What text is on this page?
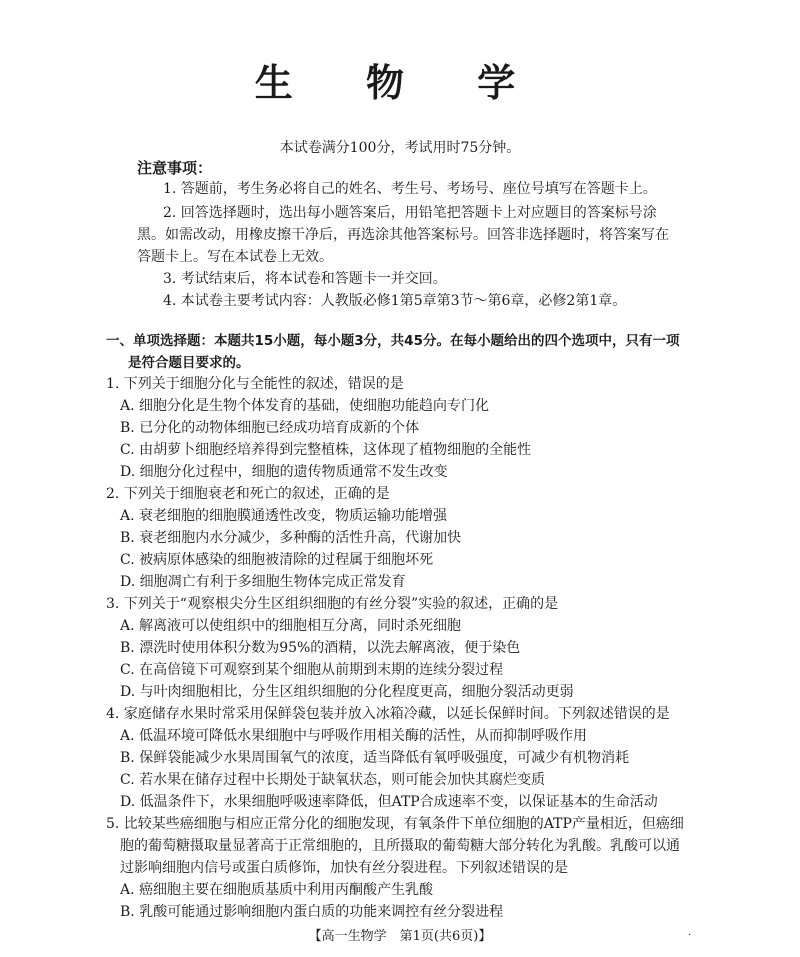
生 物 学
本试卷满分100分，考试用时75分钟。
注意事项：
1. 答题前，考生务必将自己的姓名、考生号、考场号、座位号填写在答题卡上。
2. 回答选择题时，选出每小题答案后，用铅笔把答题卡上对应题目的答案标号涂
黑。如需改动，用橡皮擦干净后，再选涂其他答案标号。回答非选择题时，将答案写在
答题卡上。写在本试卷上无效。
3. 考试结束后，将本试卷和答题卡一并交回。
4. 本试卷主要考试内容：人教版必修1第5章第3节～第6章，必修2第1章。
一、单项选择题：本题共15小题，每小题3分，共45分。在每小题给出的四个选项中，只有一项
是符合题目要求的。
1. 下列关于细胞分化与全能性的叙述，错误的是
A. 细胞分化是生物个体发育的基础，使细胞功能趋向专门化
B. 已分化的动物体细胞已经成功培育成新的个体
C. 由胡萝卜细胞经培养得到完整植株，这体现了植物细胞的全能性
D. 细胞分化过程中，细胞的遗传物质通常不发生改变
2. 下列关于细胞衰老和死亡的叙述，正确的是
A. 衰老细胞的细胞膜通透性改变，物质运输功能增强
B. 衰老细胞内水分减少，多种酶的活性升高，代谢加快
C. 被病原体感染的细胞被清除的过程属于细胞坏死
D. 细胞凋亡有利于多细胞生物体完成正常发育
3. 下列关于“观察根尖分生区组织细胞的有丝分裂”实验的叙述，正确的是
A. 解离液可以使组织中的细胞相互分离，同时杀死细胞
B. 漂洗时使用体积分数为95%的酒精，以洗去解离液，便于染色
C. 在高倍镜下可观察到某个细胞从前期到末期的连续分裂过程
D. 与叶肉细胞相比，分生区组织细胞的分化程度更高，细胞分裂活动更弱
4. 家庭储存水果时常采用保鲜袋包装并放入冰箱冷藏，以延长保鲜时间。下列叙述错误的是
A. 低温环境可降低水果细胞中与呼吸作用相关酶的活性，从而抑制呼吸作用
B. 保鲜袋能减少水果周围氧气的浓度，适当降低有氧呼吸强度，可减少有机物消耗
C. 若水果在储存过程中长期处于缺氧状态，则可能会加快其腐烂变质
D. 低温条件下，水果细胞呼吸速率降低，但ATP合成速率不变，以保证基本的生命活动
5. 比较某些癌细胞与相应正常分化的细胞发现，有氧条件下单位细胞的ATP产量相近，但癌细
胞的葡萄糖摄取量显著高于正常细胞的，且所摄取的葡萄糖大部分转化为乳酸。乳酸可以通
过影响细胞内信号或蛋白质修饰，加快有丝分裂进程。下列叙述错误的是
A. 癌细胞主要在细胞质基质中利用丙酮酸产生乳酸
B. 乳酸可能通过影响细胞内蛋白质的功能来调控有丝分裂进程
【高一生物学　第1页(共6页)】	·
